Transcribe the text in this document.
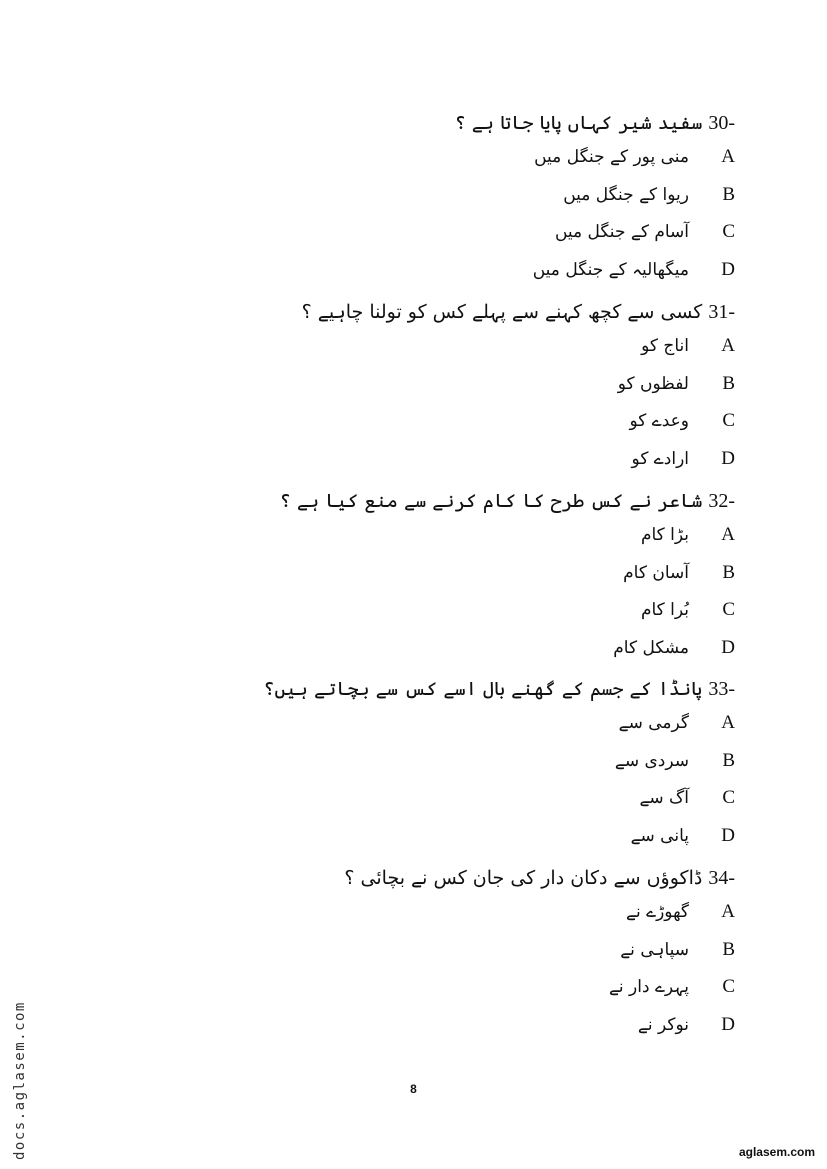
30-
سفید شیر کہاں پایا جاتا ہے ؟
A
منی پور کے جنگل میں
B
ریوا کے جنگل میں
C
آسام کے جنگل میں
D
میگھالیہ کے جنگل میں
31-
کسی سے کچھ کہنے سے پہلے کس کو تولنا چاہیے ؟
A
اناج کو
B
لفظوں کو
C
وعدے کو
D
ارادے کو
32-
شاعر نے کس طرح کا کام کرنے سے منع کیا ہے ؟
A
بڑا کام
B
آسان کام
C
بُرا کام
D
مشکل کام
33-
پانڈا کے جسم کے گھنے بال اسے کس سے بچاتے ہیں؟
A
گرمی سے
B
سردی سے
C
آگ سے
D
پانی سے
34-
ڈاکوؤں سے دکان دار کی جان کس نے بچائی ؟
A
گھوڑے نے
B
سپاہی نے
C
پہرے دار نے
D
نوکر نے
8
docs.aglasem.com	aglasem.com
